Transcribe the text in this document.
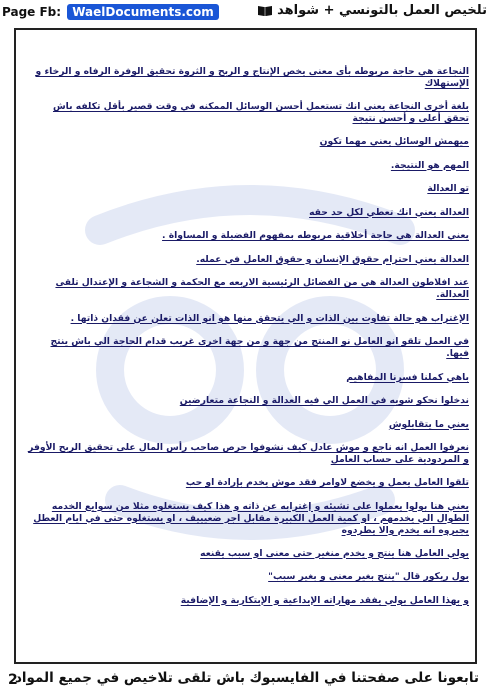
Page Fb: WaelDocuments.com	تلخيص العمل بالتونسي + شواهد

النجاعة هي حاجة مربوطه بأي معنى يخص الإنتاج و الربح و الثروة تحقيق الوفرة الرفاه و الرخاء و الإستهلاك

بلغة أخرى النجاعة يعني انك تستعمل أحسن الوسائل الممكنه في وقت قصير بأقل تكلفه باش تحقق أعلى و أحسن نتيجة

ميهمش الوسائل يعني مهما تكون

المهم هو النتيجة.

تو العدالة

العدالة يعني انك تعطي لكل حد حقه

يعني العدالة هي حاجة أخلاقية مربوطه بمفهوم الفضيلة و المساواة .

العدالة يعني احترام حقوق الإنسان و حقوق العامل في عمله.

عند افلاطون العدالة هي من الفضائل الرئيسية الاربعه مع الحكمة و الشجاعة و الإعتدال تلقى العدالة.

الإغتراب هو حالة تفاوت بين الذات و الي يتحقق منها هو انو الذات تعلن عن فقدان ذاتها .

في العمل تلقو انو العامل نو المنتج من جهة و من جهة اخرى غريب قدام الحاجة الي باش ينتج فيها.

باهي كملنا فسرنا المفاهيم

ندخلوا نحكو شويه في العمل الي فيه العدالة و النجاعة متعارضين

يعني ما يتقابلوش

نعرفوا العمل انه ناجع و موش عادل كيف نشوفوا حرص صاحب رأس المال على تحقيق الربح الأوفر و المردودية على حساب العامل

تلقوا العامل يعمل و يخضع لاوامر فقد موش يخدم بإرادة او حب

يعني هنا بولوا يعملوا على تشيئه و إغترابه عن ذاته و هذا كيف يستغلوه مثلا من سوايع الخدمه الطوال الي يخدمهم ، او كمية العمل الكبيرة مقابل اجر ضعيييف ، او يستغلوه حتى في ايام العطل يجبروه انه يخدم والا يطردوه

بولي العامل هنا ينتج و يخدم منغير حتى معنى او سبب يقنعه

بول ريكور قال "ينتج بغير معنى و بغير سبب"

و بهذا العامل بولي يفقد مهاراته الإبداعية و الإبتكارية و الإضافية

2
تابعونا على صفحتنا في الفايسبوك باش تلقى تلاخيص في جميع المواد
